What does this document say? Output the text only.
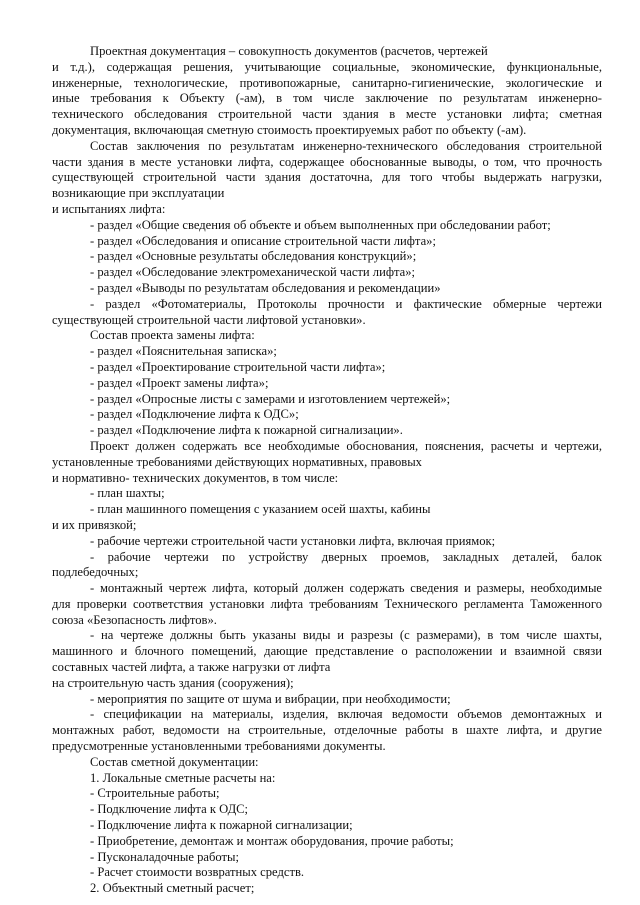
Проектная документация – совокупность документов (расчетов, чертежей
и т.д.), содержащая решения, учитывающие социальные, экономические, функциональные,
инженерные, технологические, противопожарные, санитарно-гигиенические, экологические и
иные требования к Объекту (-ам), в том числе заключение по результатам инженерно-
технического обследования строительной части здания в месте установки лифта; сметная
документация, включающая сметную стоимость проектируемых работ по объекту (-ам).
Состав заключения по результатам инженерно-технического обследования строительной
части здания в месте установки лифта, содержащее обоснованные выводы, о том, что прочность
существующей строительной части здания достаточна, для того чтобы выдержать нагрузки,
возникающие при эксплуатации
и испытаниях лифта:
- раздел «Общие сведения об объекте и объем выполненных при обследовании работ;
- раздел «Обследования и описание строительной части лифта»;
- раздел «Основные результаты обследования конструкций»;
- раздел «Обследование электромеханической части лифта»;
- раздел «Выводы по результатам обследования и рекомендации»
- раздел «Фотоматериалы, Протоколы прочности и фактические обмерные чертежи
существующей строительной части лифтовой установки».
Состав проекта замены лифта:
- раздел «Пояснительная записка»;
- раздел «Проектирование строительной части лифта»;
- раздел «Проект замены лифта»;
- раздел «Опросные листы с замерами и изготовлением чертежей»;
- раздел «Подключение лифта к ОДС»;
- раздел «Подключение лифта к пожарной сигнализации».
Проект должен содержать все необходимые обоснования, пояснения, расчеты и чертежи,
установленные требованиями действующих нормативных, правовых
и нормативно- технических документов, в том числе:
- план шахты;
- план машинного помещения с указанием осей шахты, кабины
и их привязкой;
- рабочие чертежи строительной части установки лифта, включая приямок;
- рабочие чертежи по устройству дверных проемов, закладных деталей, балок
подлебедочных;
- монтажный чертеж лифта, который должен содержать сведения и размеры, необходимые
для проверки соответствия установки лифта требованиям Технического регламента Таможенного
союза «Безопасность лифтов».
- на чертеже должны быть указаны виды и разрезы (с размерами), в том числе шахты,
машинного и блочного помещений, дающие представление о расположении и взаимной связи
составных частей лифта, а также нагрузки от лифта
на строительную часть здания (сооружения);
- мероприятия по защите от шума и вибрации, при необходимости;
- спецификации на материалы, изделия, включая ведомости объемов демонтажных и
монтажных работ, ведомости на строительные, отделочные работы в шахте лифта, и другие
предусмотренные установленными требованиями документы.
Состав сметной документации:
1. Локальные сметные расчеты на:
- Строительные работы;
- Подключение лифта к ОДС;
- Подключение лифта к пожарной сигнализации;
- Приобретение, демонтаж и монтаж оборудования, прочие работы;
- Пусконаладочные работы;
- Расчет стоимости возвратных средств.
2. Объектный сметный расчет;
